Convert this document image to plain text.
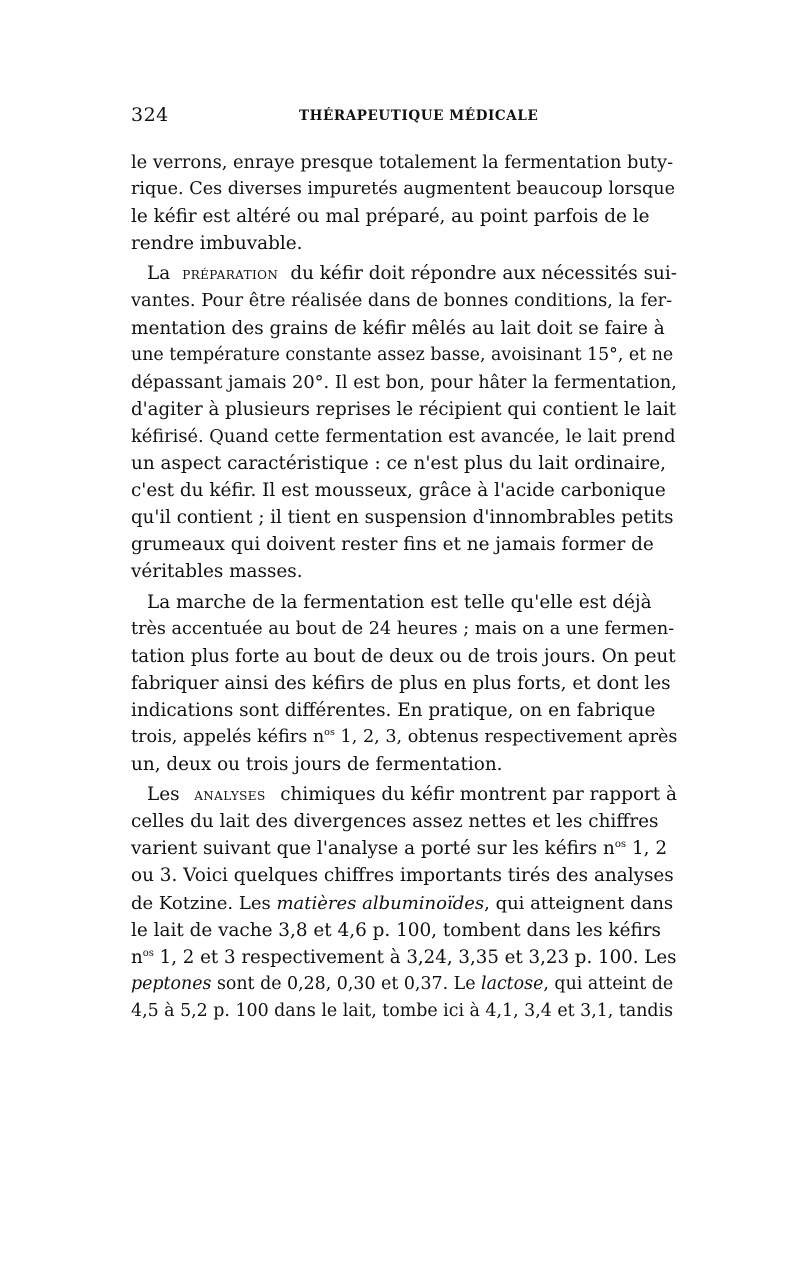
324	THÉRAPEUTIQUE MÉDICALE
le verrons, enraye presque totalement la fermentation buty-
rique. Ces diverses impuretés augmentent beaucoup lorsque
le kéfir est altéré ou mal préparé, au point parfois de le
rendre imbuvable.
La préparation du kéfir doit répondre aux nécessités sui-
vantes. Pour être réalisée dans de bonnes conditions, la fer-
mentation des grains de kéfir mêlés au lait doit se faire à
une température constante assez basse, avoisinant 15°, et ne
dépassant jamais 20°. Il est bon, pour hâter la fermentation,
d'agiter à plusieurs reprises le récipient qui contient le lait
kéfirisé. Quand cette fermentation est avancée, le lait prend
un aspect caractéristique : ce n'est plus du lait ordinaire,
c'est du kéfir. Il est mousseux, grâce à l'acide carbonique
qu'il contient ; il tient en suspension d'innombrables petits
grumeaux qui doivent rester fins et ne jamais former de
véritables masses.
La marche de la fermentation est telle qu'elle est déjà
très accentuée au bout de 24 heures ; mais on a une fermen-
tation plus forte au bout de deux ou de trois jours. On peut
fabriquer ainsi des kéfirs de plus en plus forts, et dont les
indications sont différentes. En pratique, on en fabrique
trois, appelés kéfirs $n^{os}$ 1, 2, 3, obtenus respectivement après
un, deux ou trois jours de fermentation.
Les analyses chimiques du kéfir montrent par rapport à
celles du lait des divergences assez nettes et les chiffres
varient suivant que l'analyse a porté sur les kéfirs $n^{os}$ 1, 2
ou 3. Voici quelques chiffres importants tirés des analyses
de Kotzine. Les matières albuminoïdes, qui atteignent dans
le lait de vache 3,8 et 4,6 p. 100, tombent dans les kéfirs
$n^{os}$ 1, 2 et 3 respectivement à 3,24, 3,35 et 3,23 p. 100. Les
peptones sont de 0,28, 0,30 et 0,37. Le lactose, qui atteint de
4,5 à 5,2 p. 100 dans le lait, tombe ici à 4,1, 3,4 et 3,1, tandis
